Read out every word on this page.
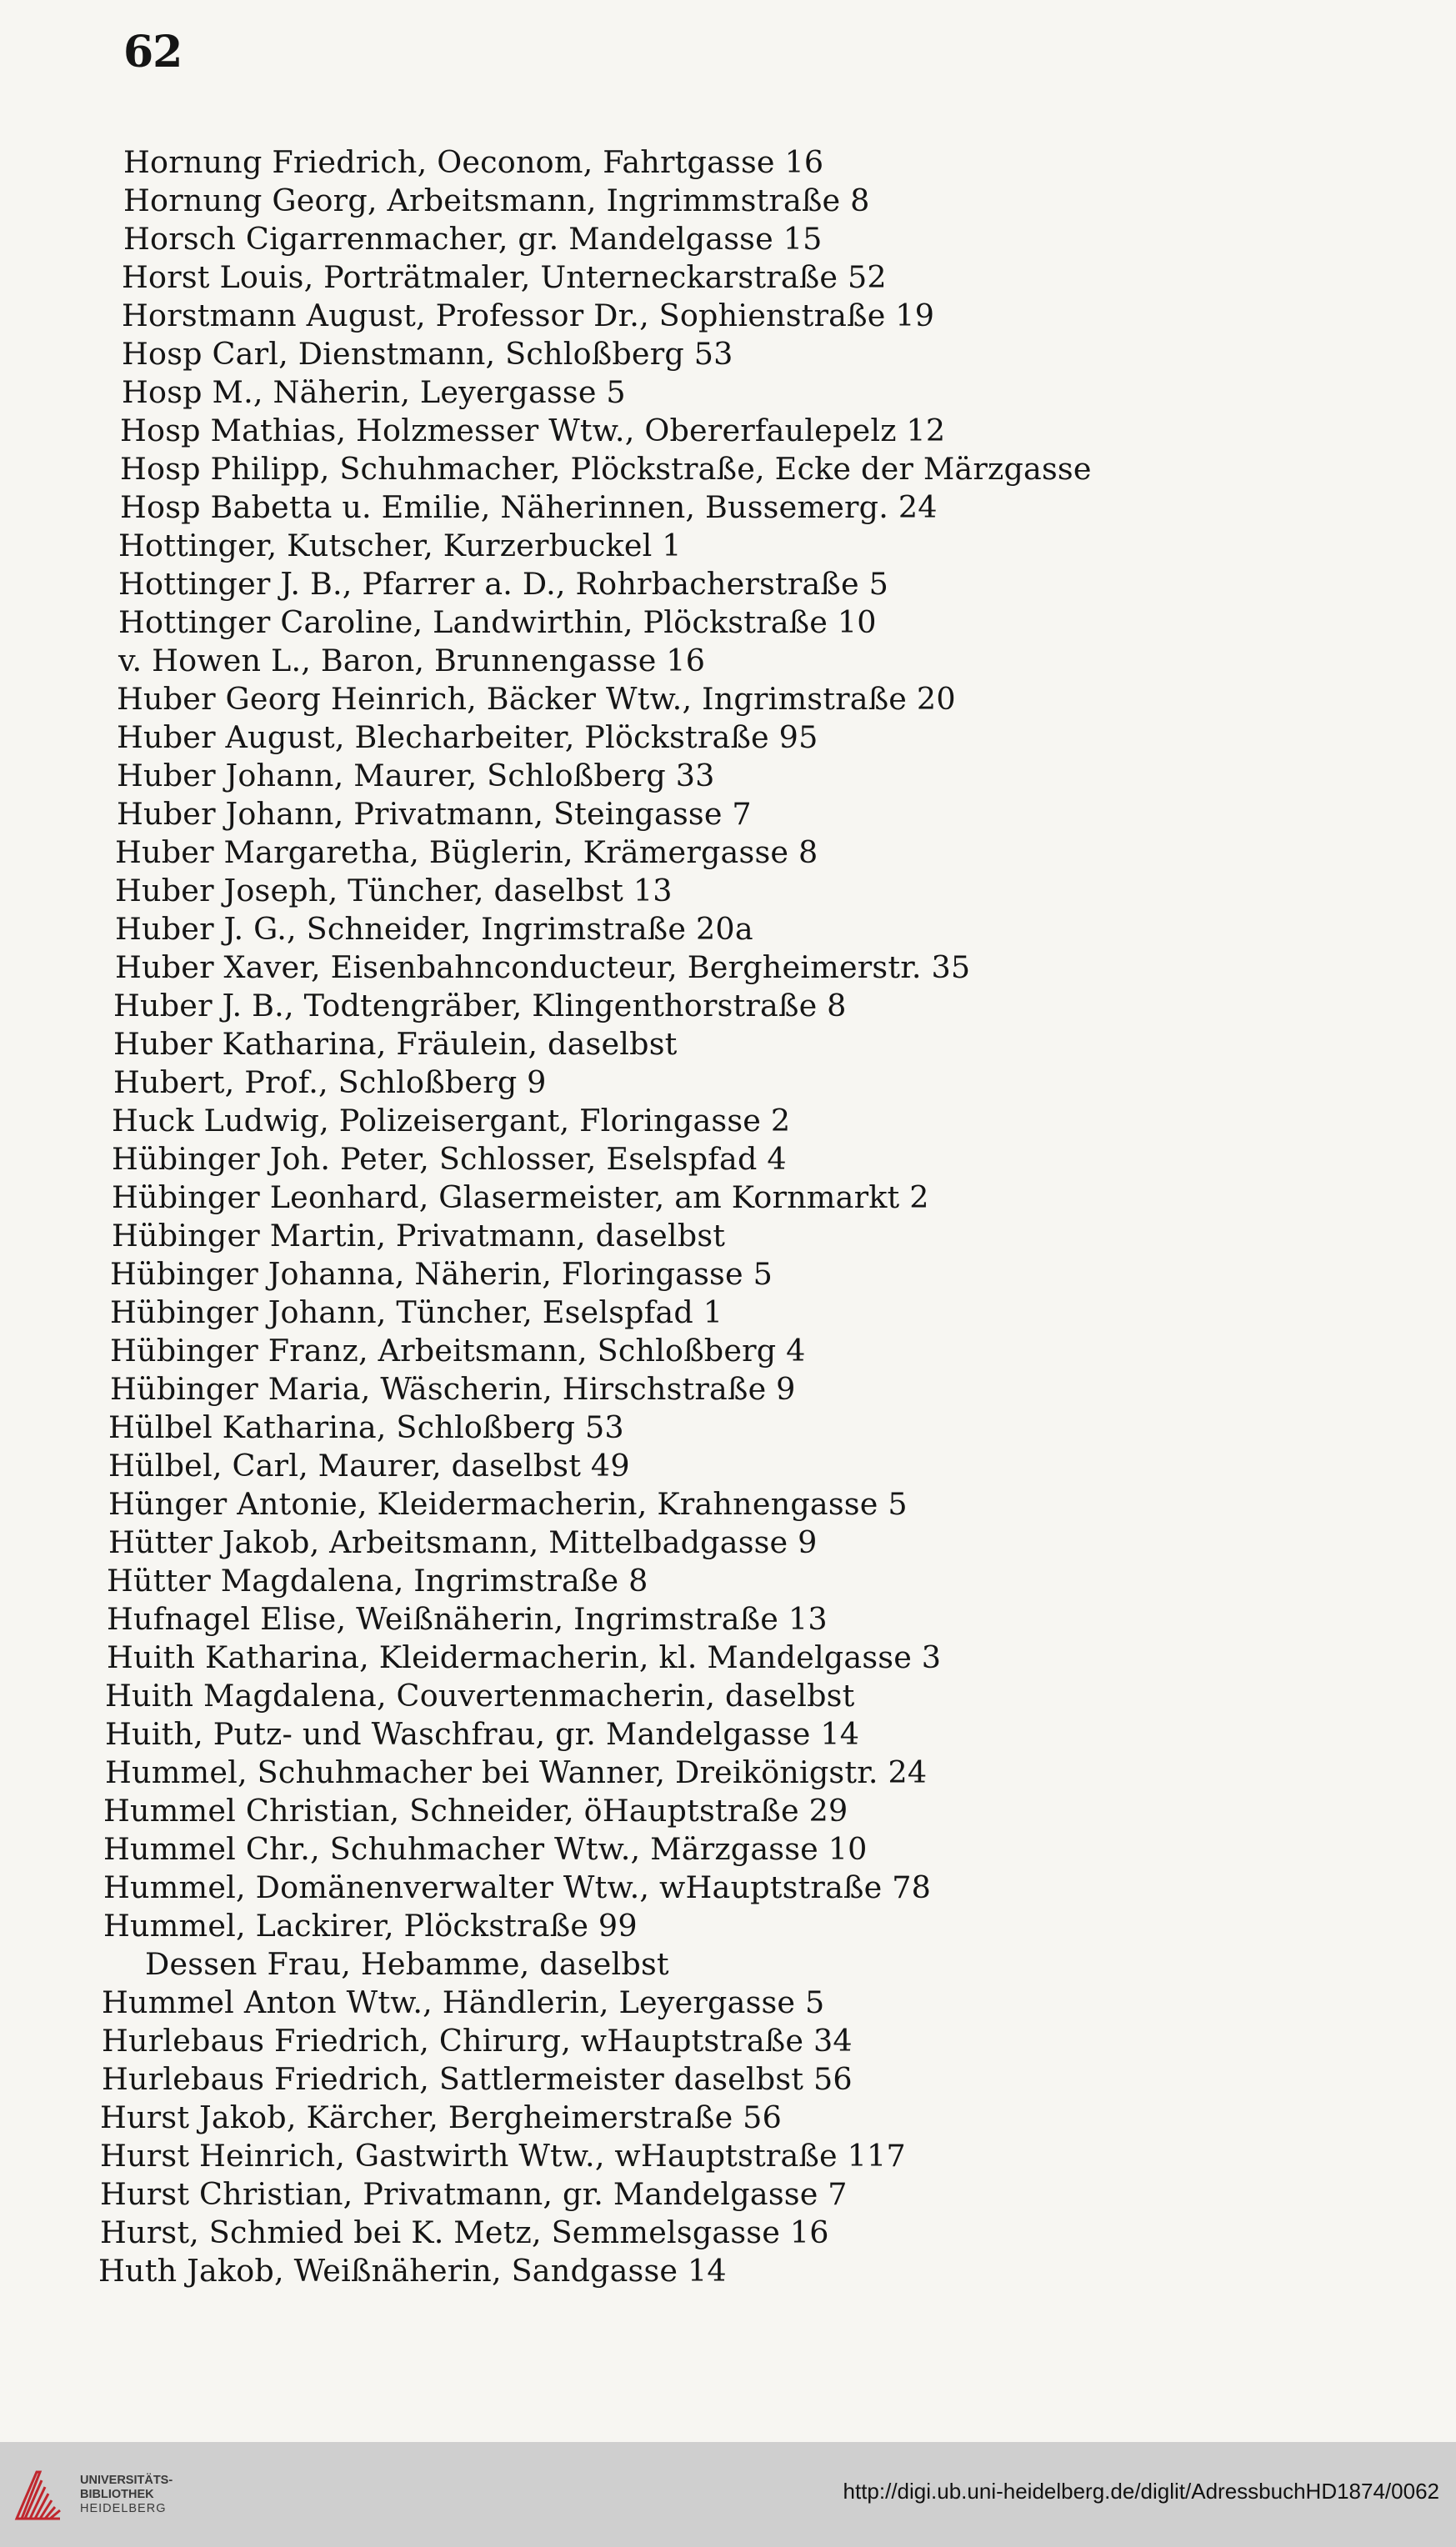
62
Hornung Friedrich, Oeconom, Fahrtgasse 16
Hornung Georg, Arbeitsmann, Ingrimmstraße 8
Horsch Cigarrenmacher, gr. Mandelgasse 15
Horst Louis, Porträtmaler, Unterneckarstraße 52
Horstmann August, Professor Dr., Sophienstraße 19
Hosp Carl, Dienstmann, Schloßberg 53
Hosp M., Näherin, Leyergasse 5
Hosp Mathias, Holzmesser Wtw., Obererfaulepelz 12
Hosp Philipp, Schuhmacher, Plöckstraße, Ecke der Märzgasse
Hosp Babetta u. Emilie, Näherinnen, Bussemerg. 24
Hottinger, Kutscher, Kurzerbuckel 1
Hottinger J. B., Pfarrer a. D., Rohrbacherstraße 5
Hottinger Caroline, Landwirthin, Plöckstraße 10
v. Howen L., Baron, Brunnengasse 16
Huber Georg Heinrich, Bäcker Wtw., Ingrimstraße 20
Huber August, Blecharbeiter, Plöckstraße 95
Huber Johann, Maurer, Schloßberg 33
Huber Johann, Privatmann, Steingasse 7
Huber Margaretha, Büglerin, Krämergasse 8
Huber Joseph, Tüncher, daselbst 13
Huber J. G., Schneider, Ingrimstraße 20a
Huber Xaver, Eisenbahnconducteur, Bergheimerstr. 35
Huber J. B., Todtengräber, Klingenthorstraße 8
Huber Katharina, Fräulein, daselbst
Hubert, Prof., Schloßberg 9
Huck Ludwig, Polizeisergant, Floringasse 2
Hübinger Joh. Peter, Schlosser, Eselspfad 4
Hübinger Leonhard, Glasermeister, am Kornmarkt 2
Hübinger Martin, Privatmann, daselbst
Hübinger Johanna, Näherin, Floringasse 5
Hübinger Johann, Tüncher, Eselspfad 1
Hübinger Franz, Arbeitsmann, Schloßberg 4
Hübinger Maria, Wäscherin, Hirschstraße 9
Hülbel Katharina, Schloßberg 53
Hülbel, Carl, Maurer, daselbst 49
Hünger Antonie, Kleidermacherin, Krahnengasse 5
Hütter Jakob, Arbeitsmann, Mittelbadgasse 9
Hütter Magdalena, Ingrimstraße 8
Hufnagel Elise, Weißnäherin, Ingrimstraße 13
Huith Katharina, Kleidermacherin, kl. Mandelgasse 3
Huith Magdalena, Couvertenmacherin, daselbst
Huith, Putz- und Waschfrau, gr. Mandelgasse 14
Hummel, Schuhmacher bei Wanner, Dreikönigstr. 24
Hummel Christian, Schneider, öHauptstraße 29
Hummel Chr., Schuhmacher Wtw., Märzgasse 10
Hummel, Domänenverwalter Wtw., wHauptstraße 78
Hummel, Lackirer, Plöckstraße 99
Dessen Frau, Hebamme, daselbst
Hummel Anton Wtw., Händlerin, Leyergasse 5
Hurlebaus Friedrich, Chirurg, wHauptstraße 34
Hurlebaus Friedrich, Sattlermeister daselbst 56
Hurst Jakob, Kärcher, Bergheimerstraße 56
Hurst Heinrich, Gastwirth Wtw., wHauptstraße 117
Hurst Christian, Privatmann, gr. Mandelgasse 7
Hurst, Schmied bei K. Metz, Semmelsgasse 16
Huth Jakob, Weißnäherin, Sandgasse 14
UNIVERSITÄTS-
BIBLIOTHEK
HEIDELBERG
http://digi.ub.uni-heidelberg.de/diglit/AdressbuchHD1874/0062
